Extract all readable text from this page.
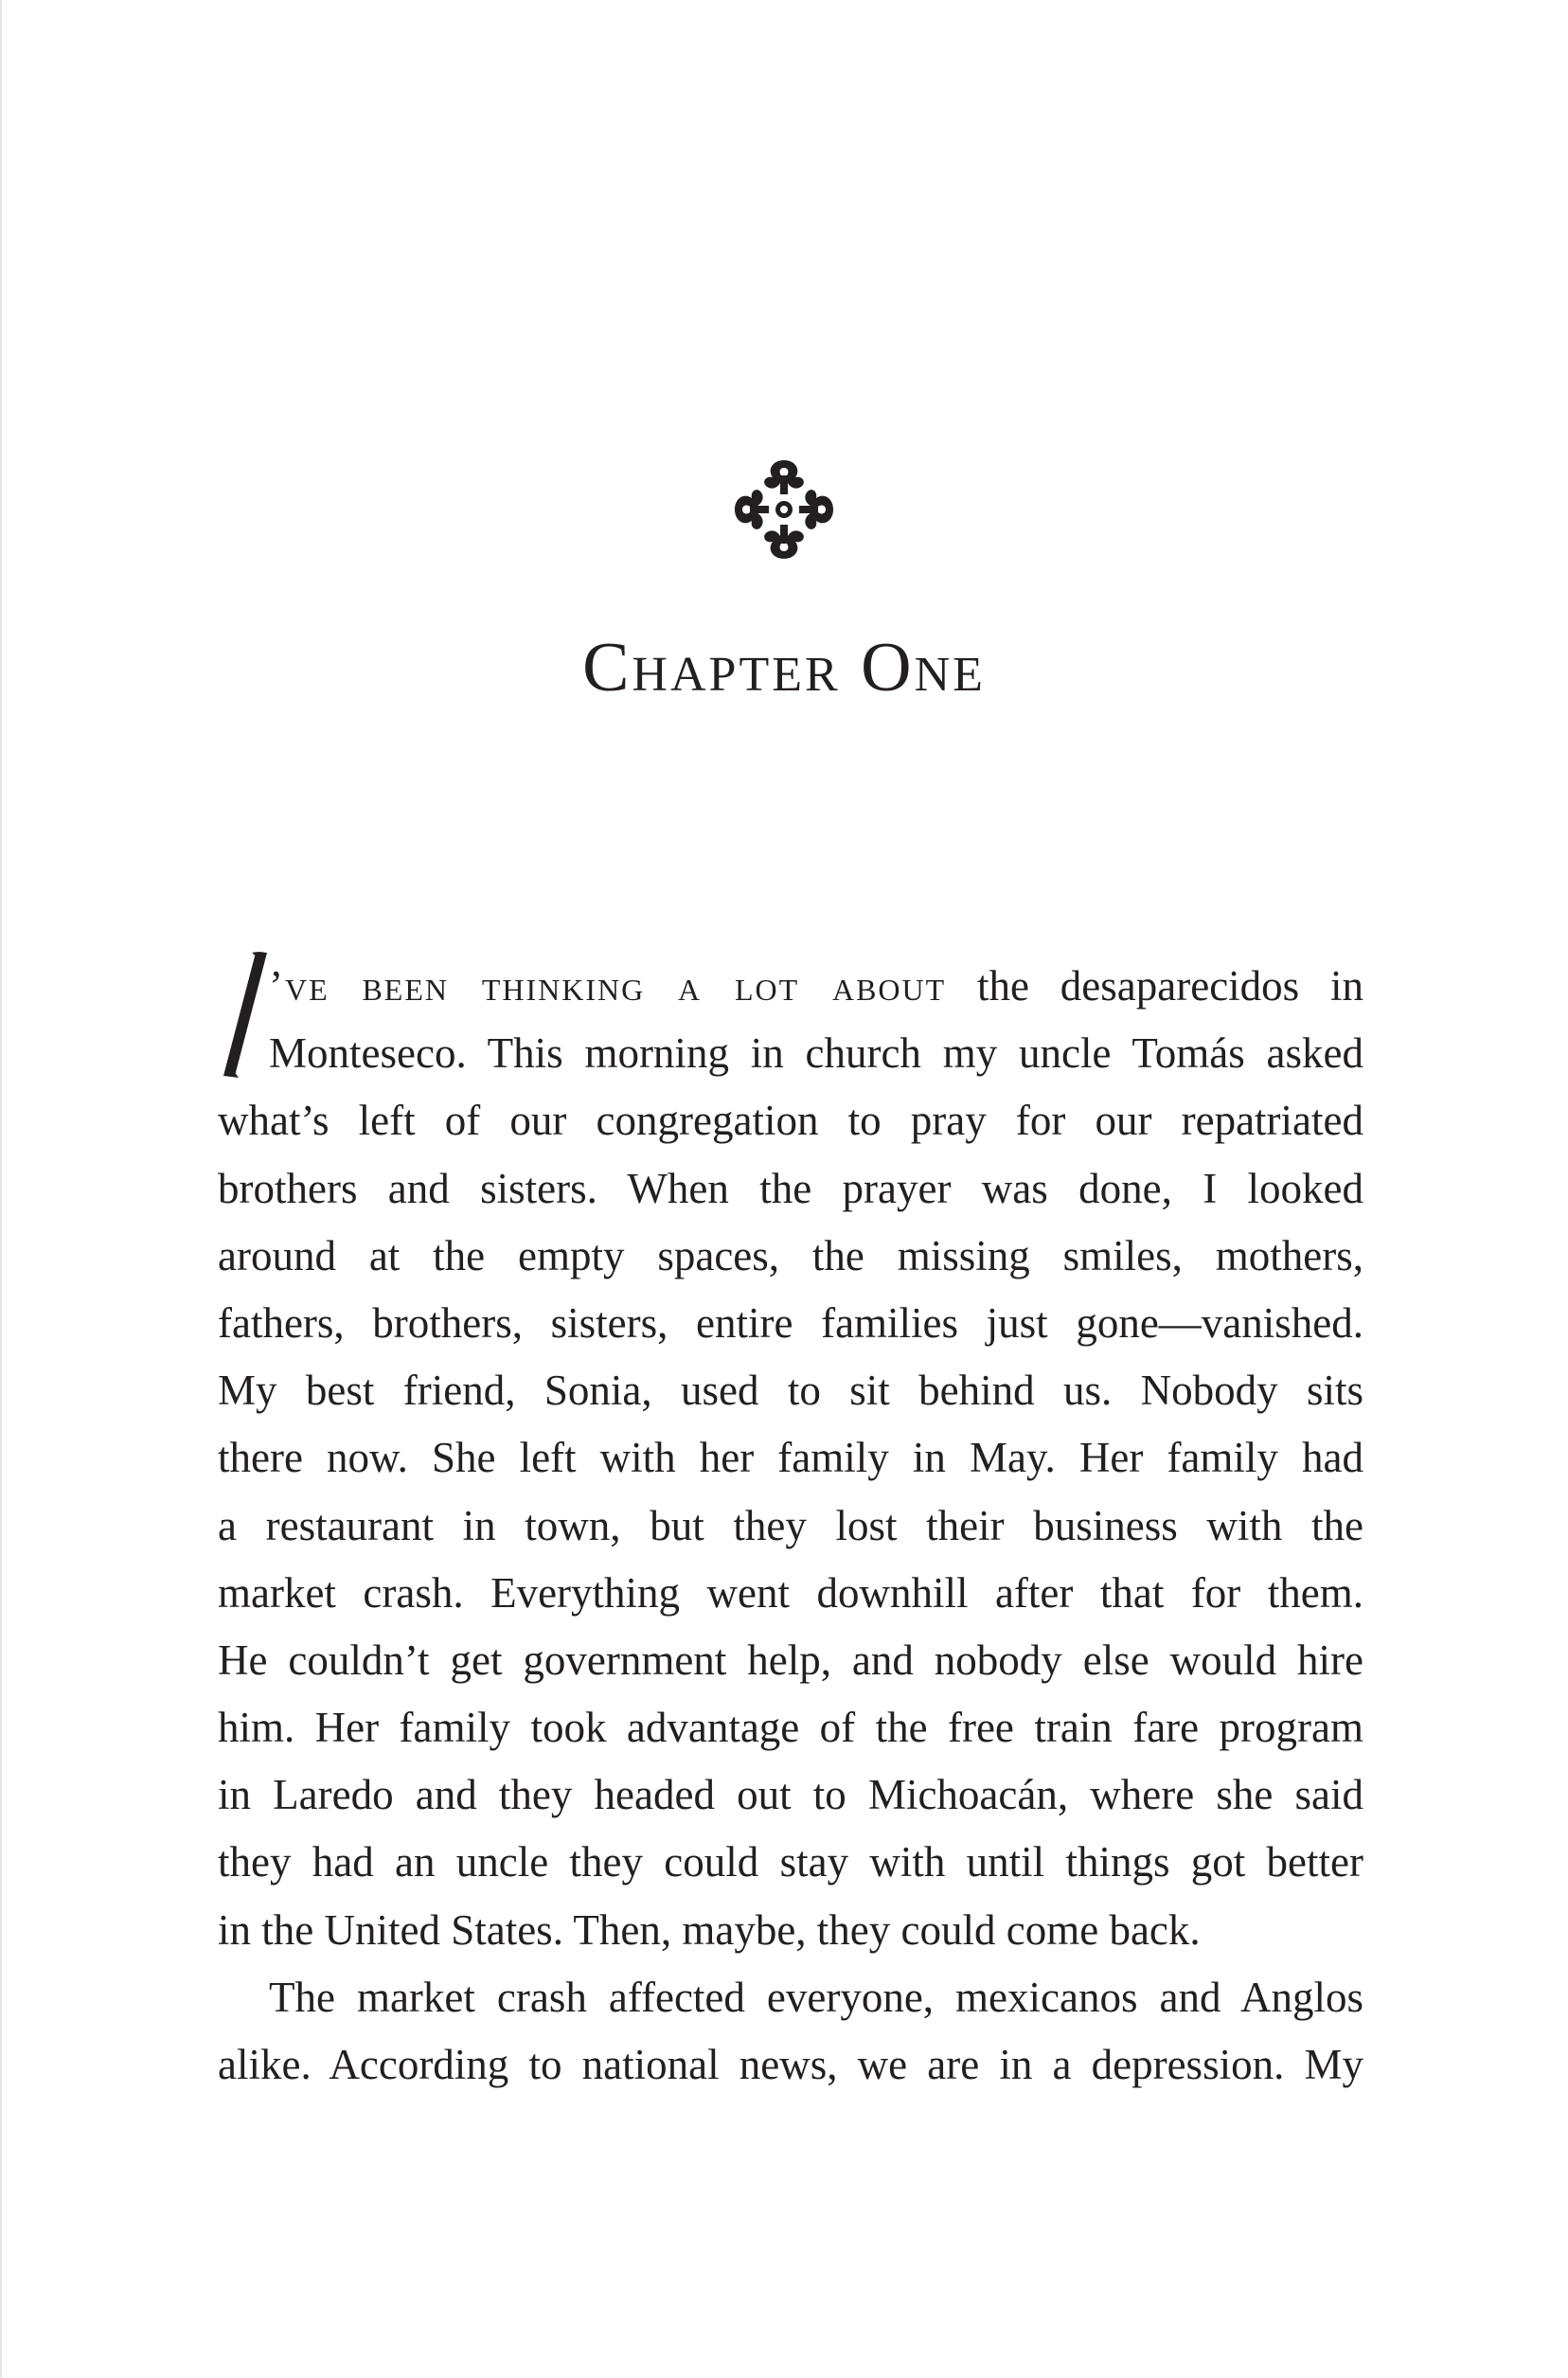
Chapter One
’ve been thinking a lot about the desaparecidos in
Monteseco. This morning in church my uncle Tomás asked
what’s left of our congregation to pray for our repatriated
brothers and sisters. When the prayer was done, I looked
around at the empty spaces, the missing smiles, mothers,
fathers, brothers, sisters, entire families just gone—vanished.
My best friend, Sonia, used to sit behind us. Nobody sits
there now. She left with her family in May. Her family had
a restaurant in town, but they lost their business with the
market crash. Everything went downhill after that for them.
He couldn’t get government help, and nobody else would hire
him. Her family took advantage of the free train fare program
in Laredo and they headed out to Michoacán, where she said
they had an uncle they could stay with until things got better
in the United States. Then, maybe, they could come back.
The market crash affected everyone, mexicanos and Anglos
alike. According to national news, we are in a depression. My
